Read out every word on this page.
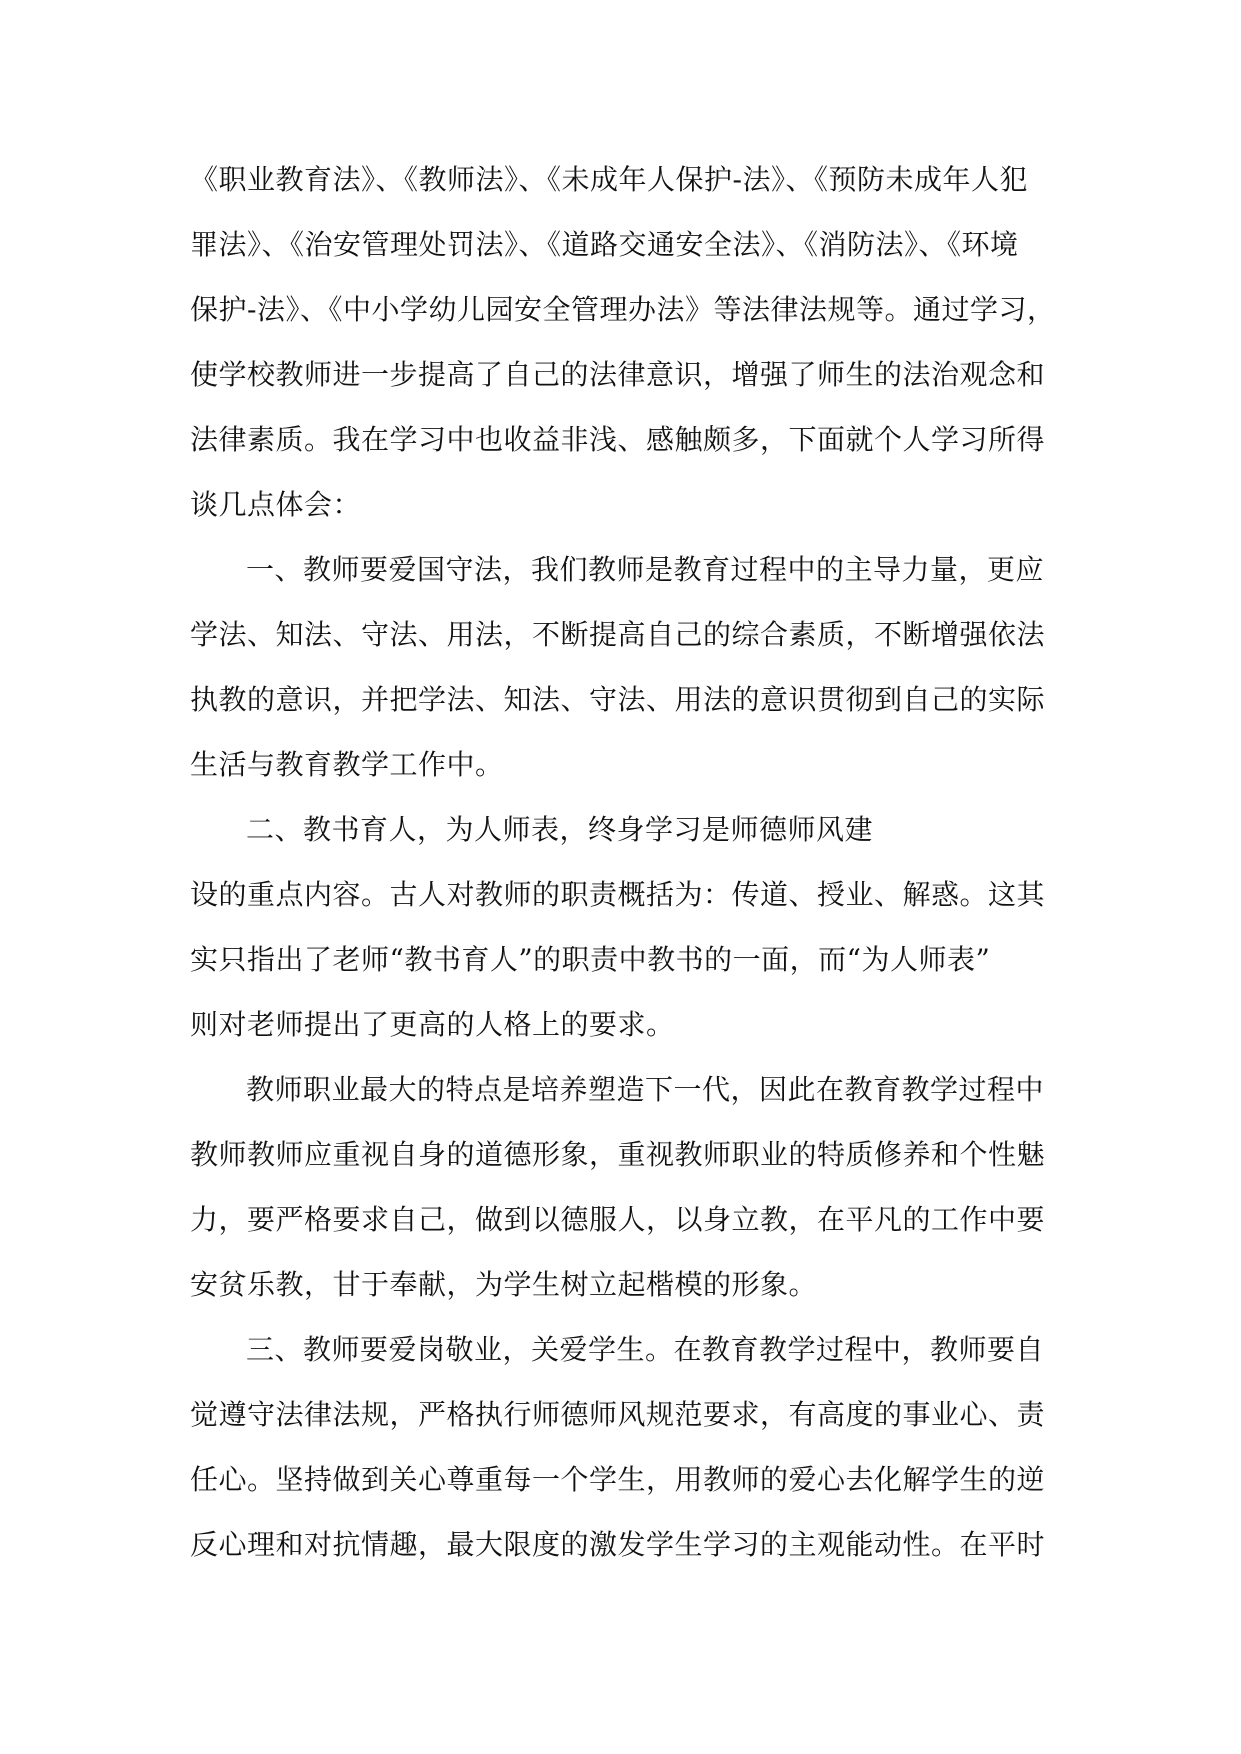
《职业教育法》、《教师法》、《未成年人保护-法》、《预防未成年人犯
罪法》、《治安管理处罚法》、《道路交通安全法》、《消防法》、《环境
保护-法》、《中小学幼儿园安全管理办法》等法律法规等。通过学习，
使学校教师进一步提高了自己的法律意识，增强了师生的法治观念和
法律素质。我在学习中也收益非浅、感触颇多，下面就个人学习所得
谈几点体会：
一、教师要爱国守法，我们教师是教育过程中的主导力量，更应
学法、知法、守法、用法，不断提高自己的综合素质，不断增强依法
执教的意识，并把学法、知法、守法、用法的意识贯彻到自己的实际
生活与教育教学工作中。
二、教书育人，为人师表，终身学习是师德师风建
设的重点内容。古人对教师的职责概括为：传道、授业、解惑。这其
实只指出了老师“教书育人”的职责中教书的一面，而“为人师表”
则对老师提出了更高的人格上的要求。
教师职业最大的特点是培养塑造下一代，因此在教育教学过程中
教师教师应重视自身的道德形象，重视教师职业的特质修养和个性魅
力，要严格要求自己，做到以德服人，以身立教，在平凡的工作中要
安贫乐教，甘于奉献，为学生树立起楷模的形象。
三、教师要爱岗敬业，关爱学生。在教育教学过程中，教师要自
觉遵守法律法规，严格执行师德师风规范要求，有高度的事业心、责
任心。坚持做到关心尊重每一个学生，用教师的爱心去化解学生的逆
反心理和对抗情趣，最大限度的激发学生学习的主观能动性。在平时
